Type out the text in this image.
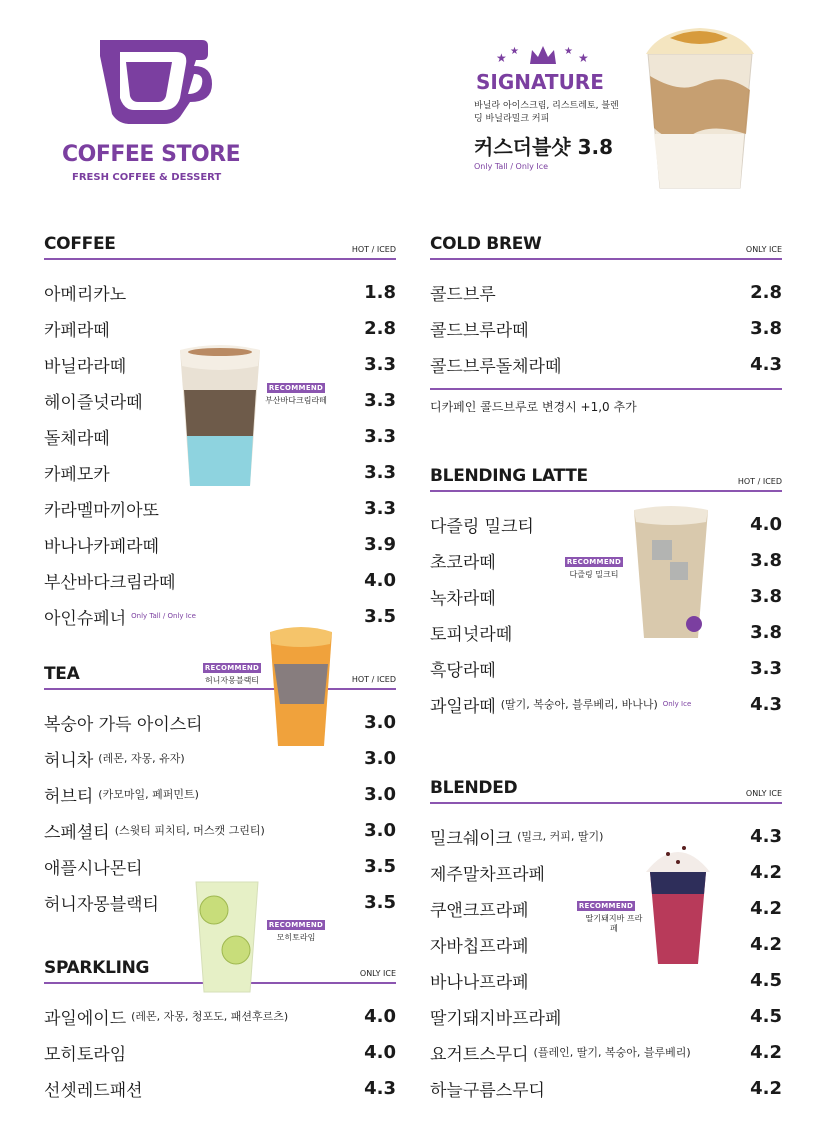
COFFEE STORE
FRESH COFFEE & DESSERT
★ ★	★ ★
SIGNATURE
바닐라 아이스크림, 리스트레토, 블렌딩 바닐라밀크 커피
커스더블샷 3.8
Only Tall / Only Ice
COFFEE	HOT / ICED
아메리카노	1.8
카페라떼	2.8
바닐라라떼	3.3
헤이즐넛라떼	3.3
돌체라떼	3.3
카페모카	3.3
카라멜마끼아또	3.3
바나나카페라떼	3.9
부산바다크림라떼	4.0
아인슈페너 Only Tall / Only Ice	3.5
RECOMMEND
부산바다크림라떼
TEA	HOT / ICED
복숭아 가득 아이스티	3.0
허니차 (레몬, 자몽, 유자)	3.0
허브티 (카모마일, 페퍼민트)	3.0
스페셜티 (스윗티 피치티, 머스캣 그린티)	3.0
애플시나몬티	3.5
허니자몽블랙티	3.5
RECOMMEND
허니자몽블랙티
SPARKLING	ONLY ICE
과일에이드 (레몬, 자몽, 청포도, 패션후르츠)	4.0
모히토라임	4.0
선셋레드패션	4.3
RECOMMEND
모히토라임
COLD BREW	ONLY ICE
콜드브루	2.8
콜드브루라떼	3.8
콜드브루돌체라떼	4.3
디카페인 콜드브루로 변경시 +1,0 추가
BLENDING LATTE	HOT / ICED
다즐링 밀크티	4.0
초코라떼	3.8
녹차라떼	3.8
토피넛라떼	3.8
흑당라떼	3.3
과일라떼 (딸기, 복숭아, 블루베리, 바나나) Only Ice	4.3
RECOMMEND
다즐링 밀크티
BLENDED	ONLY ICE
밀크쉐이크 (밀크, 커피, 딸기)	4.3
제주말차프라페	4.2
쿠앤크프라페	4.2
자바칩프라페	4.2
바나나프라페	4.5
딸기돼지바프라페	4.5
요거트스무디 (플레인, 딸기, 복숭아, 블루베리)	4.2
하늘구름스무디	4.2
RECOMMEND
딸기돼지바 프라페
